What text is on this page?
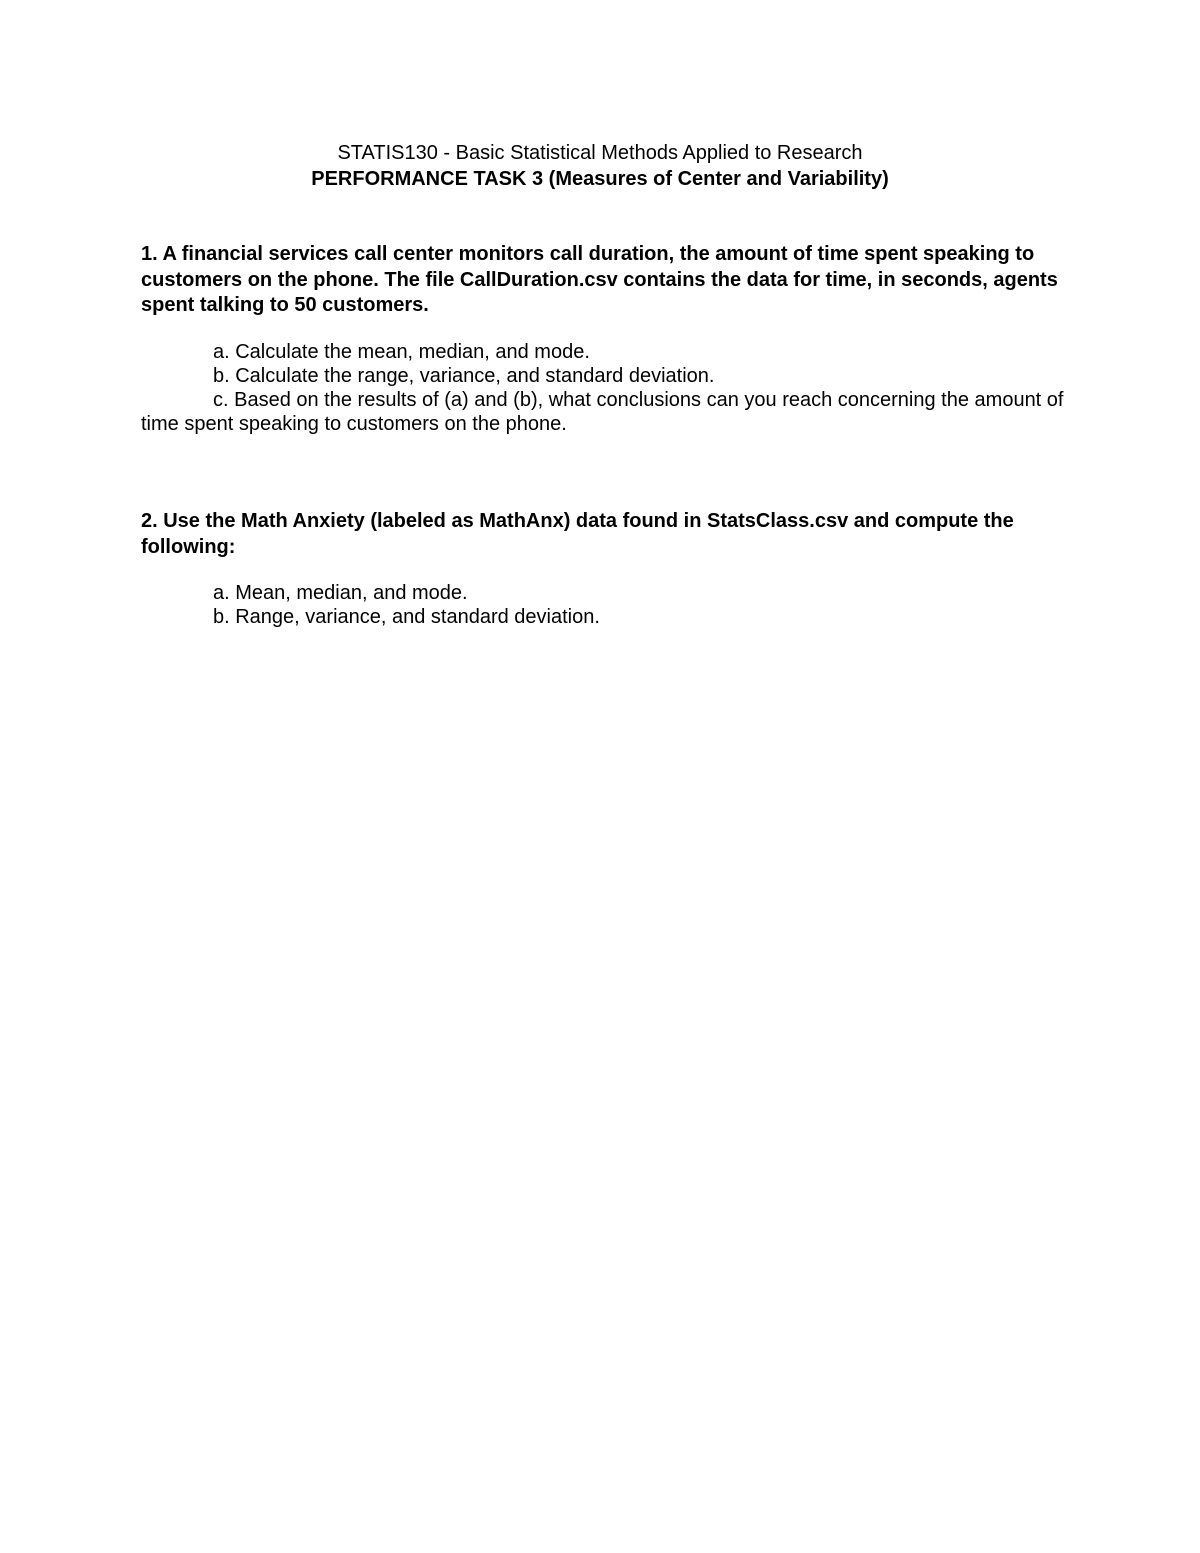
STATIS130 - Basic Statistical Methods Applied to Research
PERFORMANCE TASK 3 (Measures of Center and Variability)
1. A financial services call center monitors call duration, the amount of time spent speaking to customers on the phone. The file CallDuration.csv contains the data for time, in seconds, agents spent talking to 50 customers.
a. Calculate the mean, median, and mode.
b. Calculate the range, variance, and standard deviation.
c. Based on the results of (a) and (b), what conclusions can you reach concerning the amount of time spent speaking to customers on the phone.
2. Use the Math Anxiety (labeled as MathAnx) data found in StatsClass.csv and compute the following:
a. Mean, median, and mode.
b. Range, variance, and standard deviation.
